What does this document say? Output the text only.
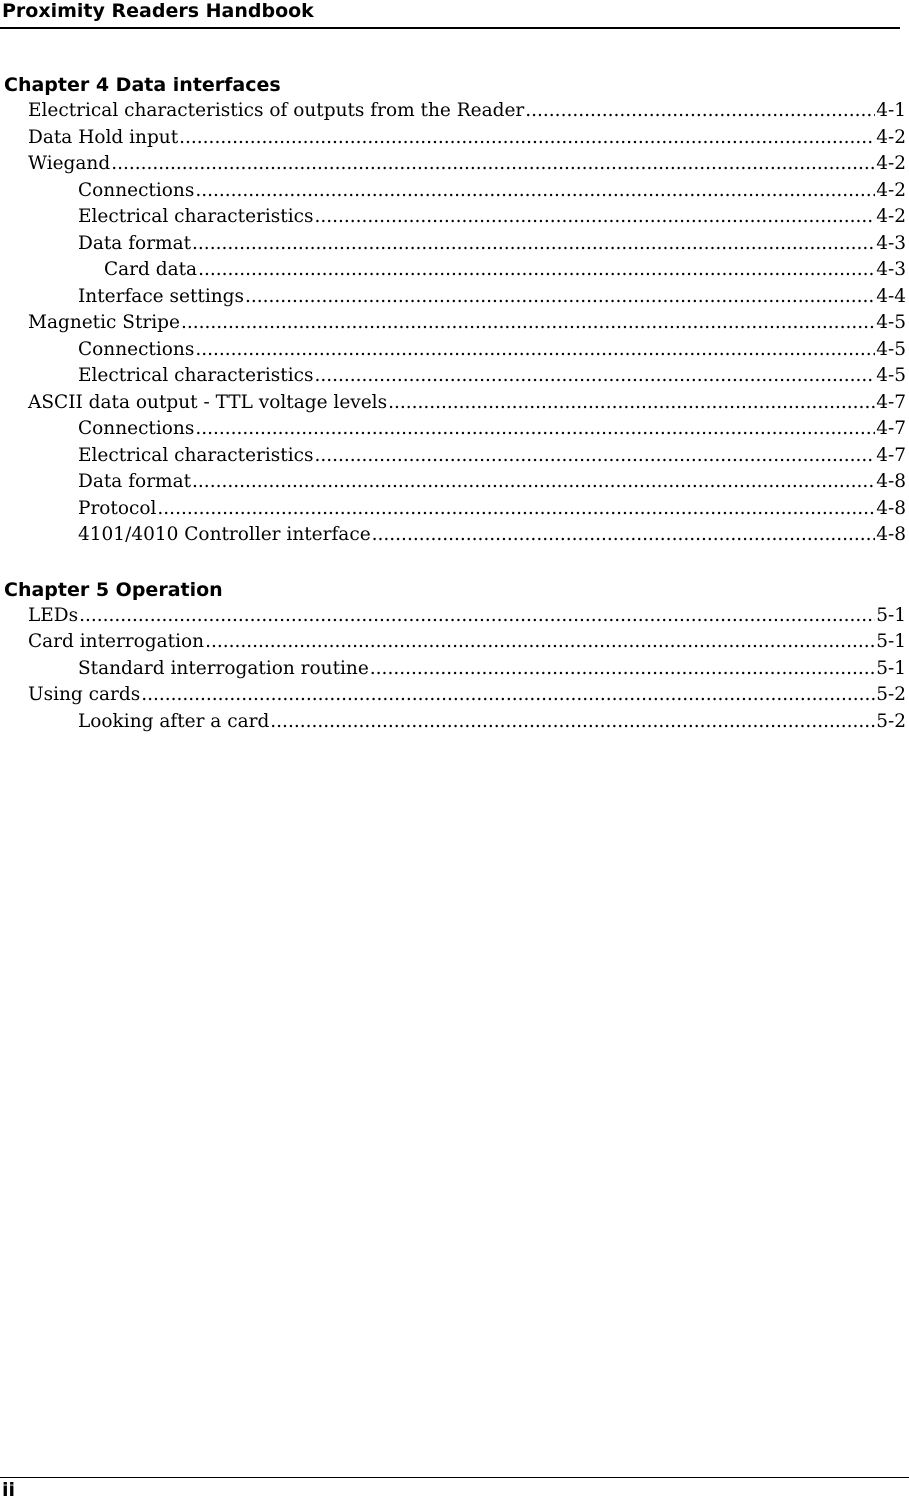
Proximity Readers Handbook
Chapter 4 Data interfaces
Electrical characteristics of outputs from the Reader .....	4-1
Data Hold input .....	4-2
Wiegand .....	4-2
Connections .....	4-2
Electrical characteristics .....	4-2
Data format .....	4-3
Card data .....	4-3
Interface settings .....	4-4
Magnetic Stripe .....	4-5
Connections .....	4-5
Electrical characteristics .....	4-5
ASCII data output - TTL voltage levels .....	4-7
Connections .....	4-7
Electrical characteristics .....	4-7
Data format .....	4-8
Protocol .....	4-8
4101/4010 Controller interface .....	4-8
Chapter 5 Operation
LEDs .....	5-1
Card interrogation .....	5-1
Standard interrogation routine .....	5-1
Using cards .....	5-2
Looking after a card .....	5-2
ii
